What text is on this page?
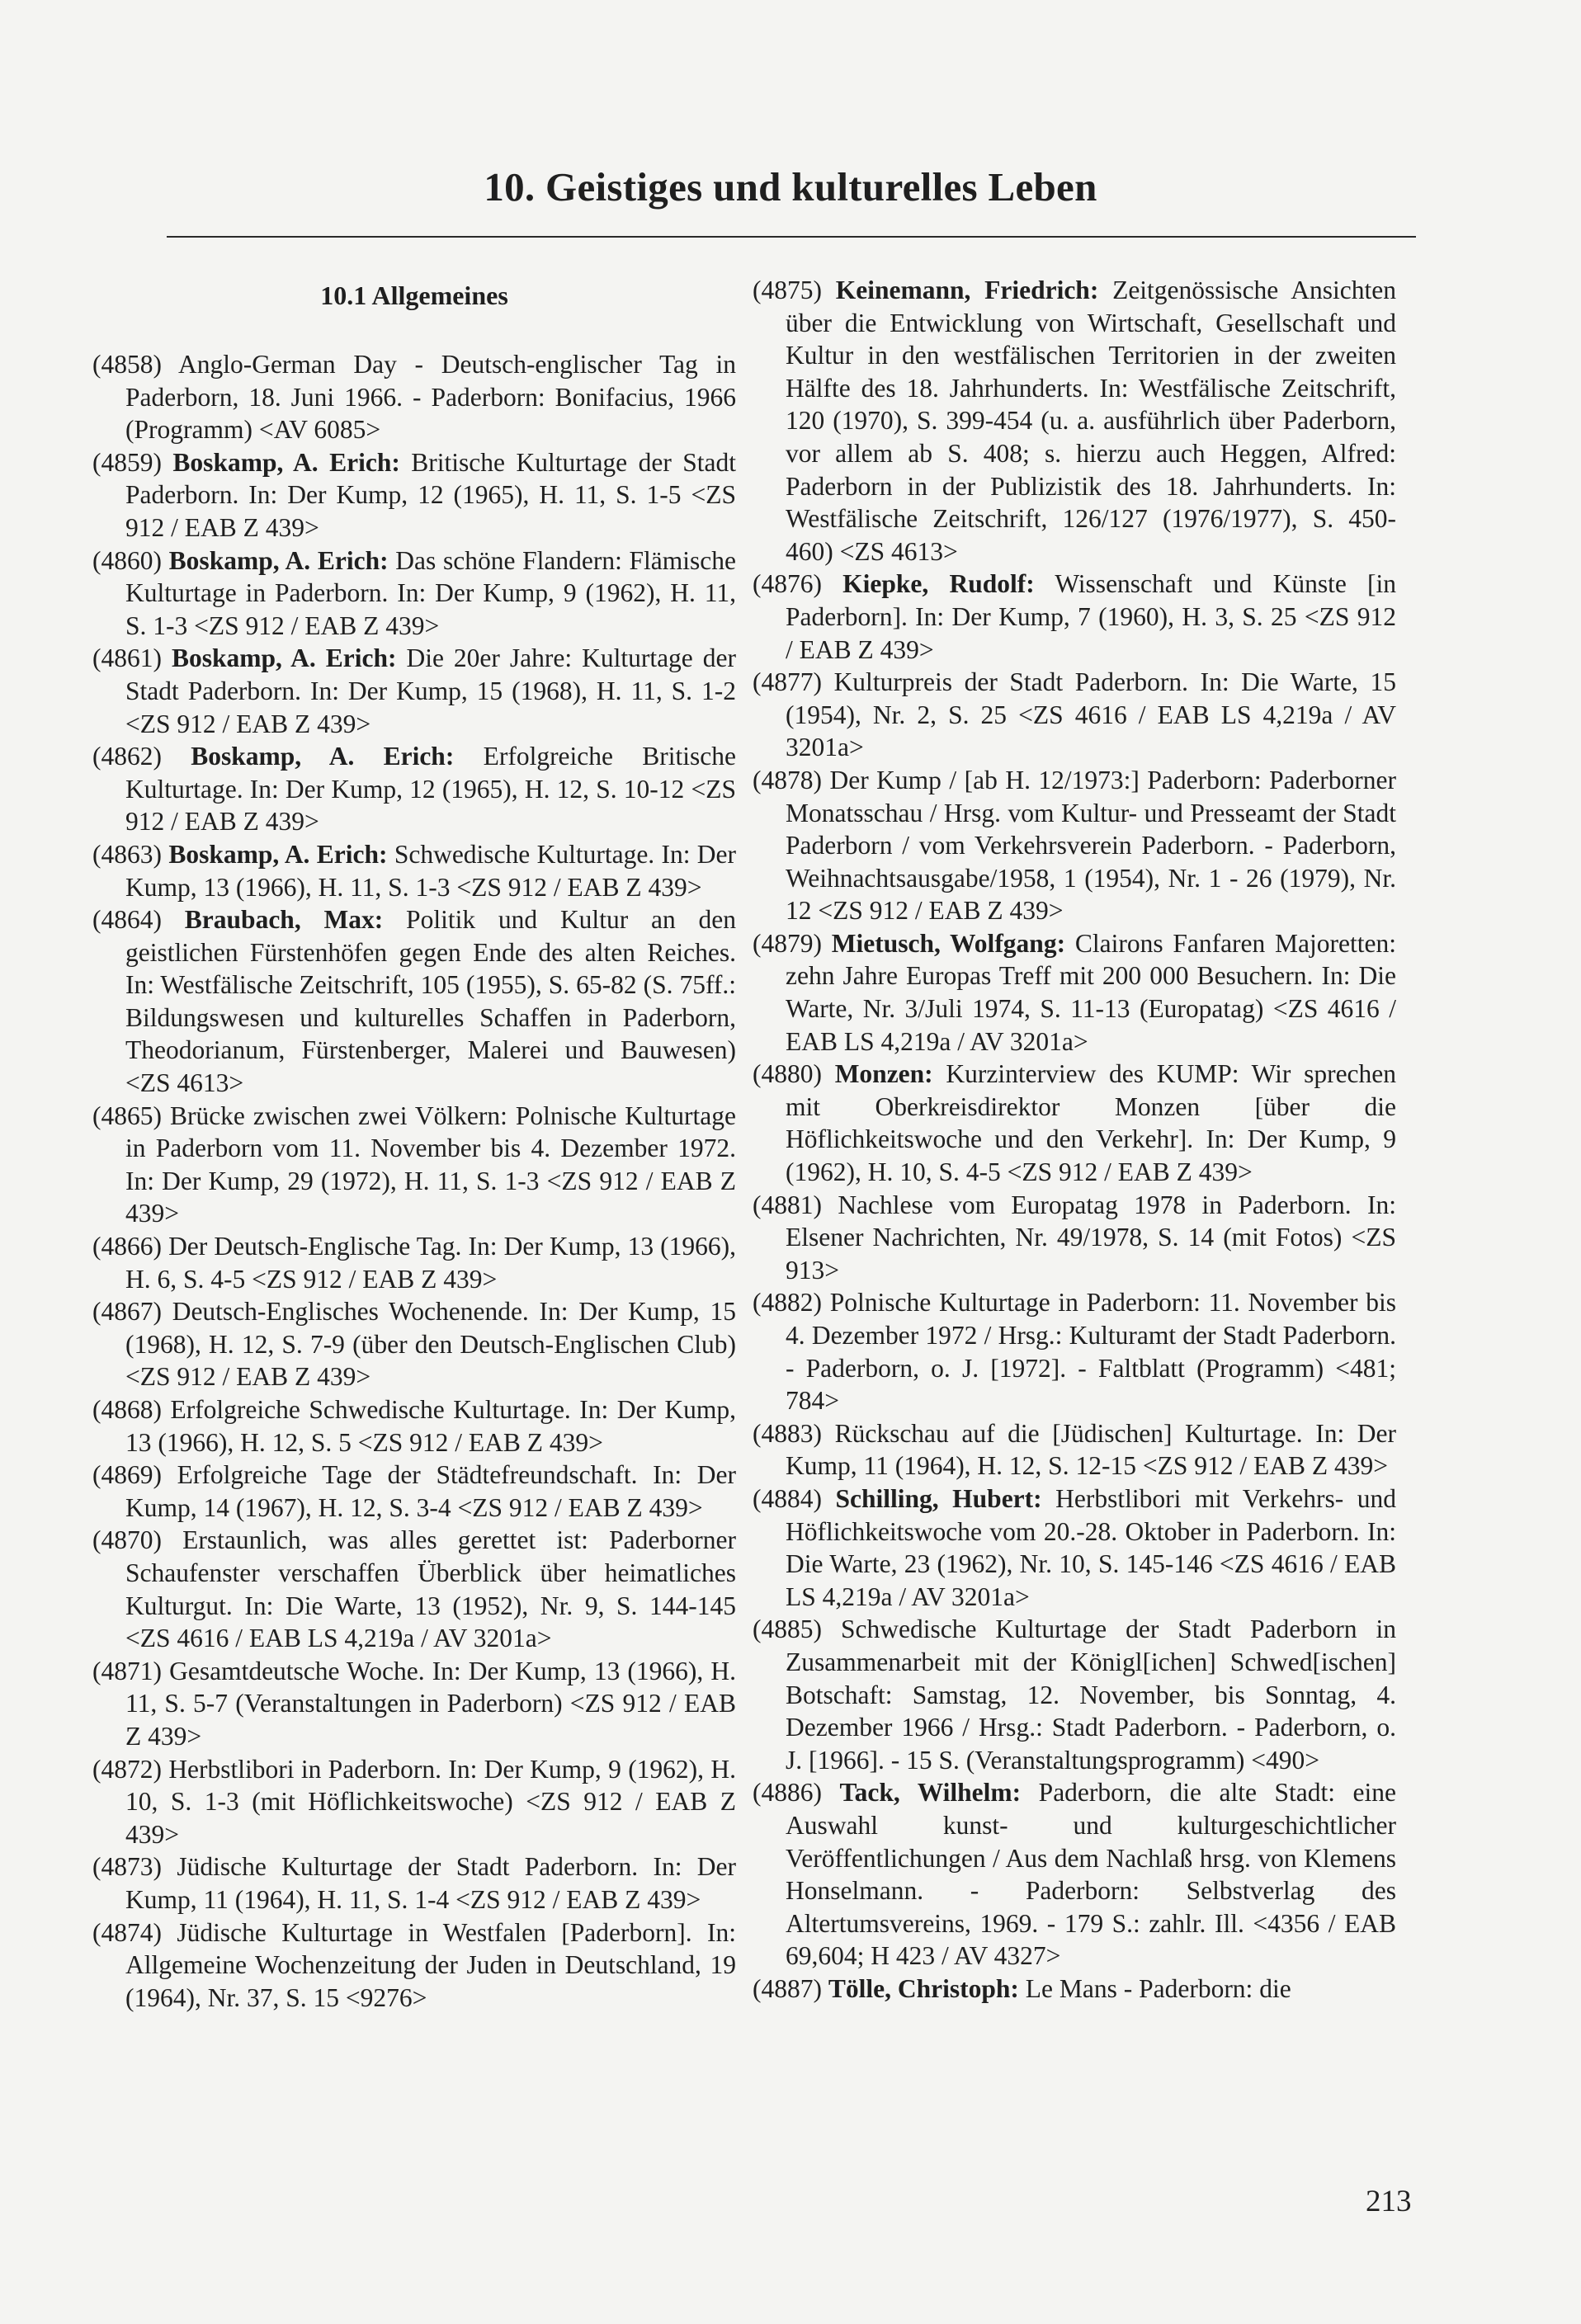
10. Geistiges und kulturelles Leben
10.1 Allgemeines
(4858) Anglo-German Day - Deutsch-englischer Tag in Paderborn, 18. Juni 1966. - Paderborn: Bonifacius, 1966 (Programm) <AV 6085>
(4859) Boskamp, A. Erich: Britische Kulturtage der Stadt Paderborn. In: Der Kump, 12 (1965), H. 11, S. 1-5 <ZS 912 / EAB Z 439>
(4860) Boskamp, A. Erich: Das schöne Flandern: Flämische Kulturtage in Paderborn. In: Der Kump, 9 (1962), H. 11, S. 1-3 <ZS 912 / EAB Z 439>
(4861) Boskamp, A. Erich: Die 20er Jahre: Kulturtage der Stadt Paderborn. In: Der Kump, 15 (1968), H. 11, S. 1-2 <ZS 912 / EAB Z 439>
(4862) Boskamp, A. Erich: Erfolgreiche Britische Kulturtage. In: Der Kump, 12 (1965), H. 12, S. 10-12 <ZS 912 / EAB Z 439>
(4863) Boskamp, A. Erich: Schwedische Kulturtage. In: Der Kump, 13 (1966), H. 11, S. 1-3 <ZS 912 / EAB Z 439>
(4864) Braubach, Max: Politik und Kultur an den geistlichen Fürstenhöfen gegen Ende des alten Reiches. In: Westfälische Zeitschrift, 105 (1955), S. 65-82 (S. 75ff.: Bildungswesen und kulturelles Schaffen in Paderborn, Theodorianum, Fürstenberger, Malerei und Bauwesen) <ZS 4613>
(4865) Brücke zwischen zwei Völkern: Polnische Kulturtage in Paderborn vom 11. November bis 4. Dezember 1972. In: Der Kump, 29 (1972), H. 11, S. 1-3 <ZS 912 / EAB Z 439>
(4866) Der Deutsch-Englische Tag. In: Der Kump, 13 (1966), H. 6, S. 4-5 <ZS 912 / EAB Z 439>
(4867) Deutsch-Englisches Wochenende. In: Der Kump, 15 (1968), H. 12, S. 7-9 (über den Deutsch-Englischen Club) <ZS 912 / EAB Z 439>
(4868) Erfolgreiche Schwedische Kulturtage. In: Der Kump, 13 (1966), H. 12, S. 5 <ZS 912 / EAB Z 439>
(4869) Erfolgreiche Tage der Städtefreundschaft. In: Der Kump, 14 (1967), H. 12, S. 3-4 <ZS 912 / EAB Z 439>
(4870) Erstaunlich, was alles gerettet ist: Paderborner Schaufenster verschaffen Überblick über heimatliches Kulturgut. In: Die Warte, 13 (1952), Nr. 9, S. 144-145 <ZS 4616 / EAB LS 4,219a / AV 3201a>
(4871) Gesamtdeutsche Woche. In: Der Kump, 13 (1966), H. 11, S. 5-7 (Veranstaltungen in Paderborn) <ZS 912 / EAB Z 439>
(4872) Herbstlibori in Paderborn. In: Der Kump, 9 (1962), H. 10, S. 1-3 (mit Höflichkeitswoche) <ZS 912 / EAB Z 439>
(4873) Jüdische Kulturtage der Stadt Paderborn. In: Der Kump, 11 (1964), H. 11, S. 1-4 <ZS 912 / EAB Z 439>
(4874) Jüdische Kulturtage in Westfalen [Paderborn]. In: Allgemeine Wochenzeitung der Juden in Deutschland, 19 (1964), Nr. 37, S. 15 <9276>
(4875) Keinemann, Friedrich: Zeitgenössische Ansichten über die Entwicklung von Wirtschaft, Gesellschaft und Kultur in den westfälischen Territorien in der zweiten Hälfte des 18. Jahrhunderts. In: Westfälische Zeitschrift, 120 (1970), S. 399-454 (u. a. ausführlich über Paderborn, vor allem ab S. 408; s. hierzu auch Heggen, Alfred: Paderborn in der Publizistik des 18. Jahrhunderts. In: Westfälische Zeitschrift, 126/127 (1976/1977), S. 450-460) <ZS 4613>
(4876) Kiepke, Rudolf: Wissenschaft und Künste [in Paderborn]. In: Der Kump, 7 (1960), H. 3, S. 25 <ZS 912 / EAB Z 439>
(4877) Kulturpreis der Stadt Paderborn. In: Die Warte, 15 (1954), Nr. 2, S. 25 <ZS 4616 / EAB LS 4,219a / AV 3201a>
(4878) Der Kump / [ab H. 12/1973:] Paderborn: Paderborner Monatsschau / Hrsg. vom Kultur- und Presseamt der Stadt Paderborn / vom Verkehrsverein Paderborn. - Paderborn, Weihnachtsausgabe/1958, 1 (1954), Nr. 1 - 26 (1979), Nr. 12 <ZS 912 / EAB Z 439>
(4879) Mietusch, Wolfgang: Clairons Fanfaren Majoretten: zehn Jahre Europas Treff mit 200 000 Besuchern. In: Die Warte, Nr. 3/Juli 1974, S. 11-13 (Europatag) <ZS 4616 / EAB LS 4,219a / AV 3201a>
(4880) Monzen: Kurzinterview des KUMP: Wir sprechen mit Oberkreisdirektor Monzen [über die Höflichkeitswoche und den Verkehr]. In: Der Kump, 9 (1962), H. 10, S. 4-5 <ZS 912 / EAB Z 439>
(4881) Nachlese vom Europatag 1978 in Paderborn. In: Elsener Nachrichten, Nr. 49/1978, S. 14 (mit Fotos) <ZS 913>
(4882) Polnische Kulturtage in Paderborn: 11. November bis 4. Dezember 1972 / Hrsg.: Kulturamt der Stadt Paderborn. - Paderborn, o. J. [1972]. - Faltblatt (Programm) <481; 784>
(4883) Rückschau auf die [Jüdischen] Kulturtage. In: Der Kump, 11 (1964), H. 12, S. 12-15 <ZS 912 / EAB Z 439>
(4884) Schilling, Hubert: Herbstlibori mit Verkehrs- und Höflichkeitswoche vom 20.-28. Oktober in Paderborn. In: Die Warte, 23 (1962), Nr. 10, S. 145-146 <ZS 4616 / EAB LS 4,219a / AV 3201a>
(4885) Schwedische Kulturtage der Stadt Paderborn in Zusammenarbeit mit der Königl[ichen] Schwed[ischen] Botschaft: Samstag, 12. November, bis Sonntag, 4. Dezember 1966 / Hrsg.: Stadt Paderborn. - Paderborn, o. J. [1966]. - 15 S. (Veranstaltungsprogramm) <490>
(4886) Tack, Wilhelm: Paderborn, die alte Stadt: eine Auswahl kunst- und kulturgeschichtlicher Veröffentlichungen / Aus dem Nachlaß hrsg. von Klemens Honselmann. - Paderborn: Selbstverlag des Altertumsvereins, 1969. - 179 S.: zahlr. Ill. <4356 / EAB 69,604; H 423 / AV 4327>
(4887) Tölle, Christoph: Le Mans - Paderborn: die
213
